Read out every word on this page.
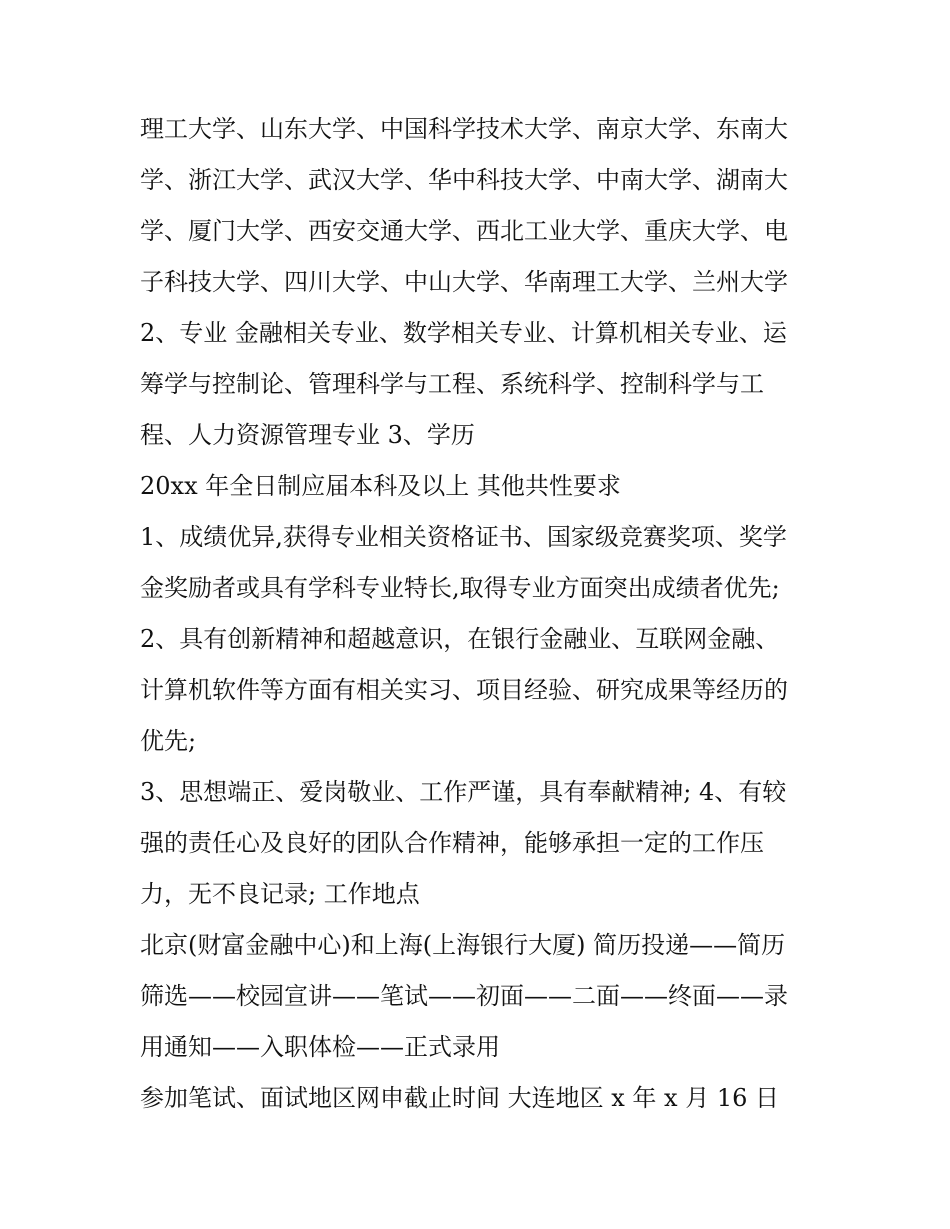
理工大学、山东大学、中国科学技术大学、南京大学、东南大
学、浙江大学、武汉大学、华中科技大学、中南大学、湖南大
学、厦门大学、西安交通大学、西北工业大学、重庆大学、电
子科技大学、四川大学、中山大学、华南理工大学、兰州大学
2、专业 金融相关专业、数学相关专业、计算机相关专业、运
筹学与控制论、管理科学与工程、系统科学、控制科学与工
程、人力资源管理专业 3、学历
20xx 年全日制应届本科及以上 其他共性要求
1、成绩优异,获得专业相关资格证书、国家级竞赛奖项、奖学
金奖励者或具有学科专业特长,取得专业方面突出成绩者优先;
2、具有创新精神和超越意识，在银行金融业、互联网金融、
计算机软件等方面有相关实习、项目经验、研究成果等经历的
优先;
3、思想端正、爱岗敬业、工作严谨，具有奉献精神; 4、有较
强的责任心及良好的团队合作精神，能够承担一定的工作压
力，无不良记录; 工作地点
北京(财富金融中心)和上海(上海银行大厦) 简历投递——简历
筛选——校园宣讲——笔试——初面——二面——终面——录
用通知——入职体检——正式录用
参加笔试、面试地区网申截止时间 大连地区 x 年 x 月 16 日
